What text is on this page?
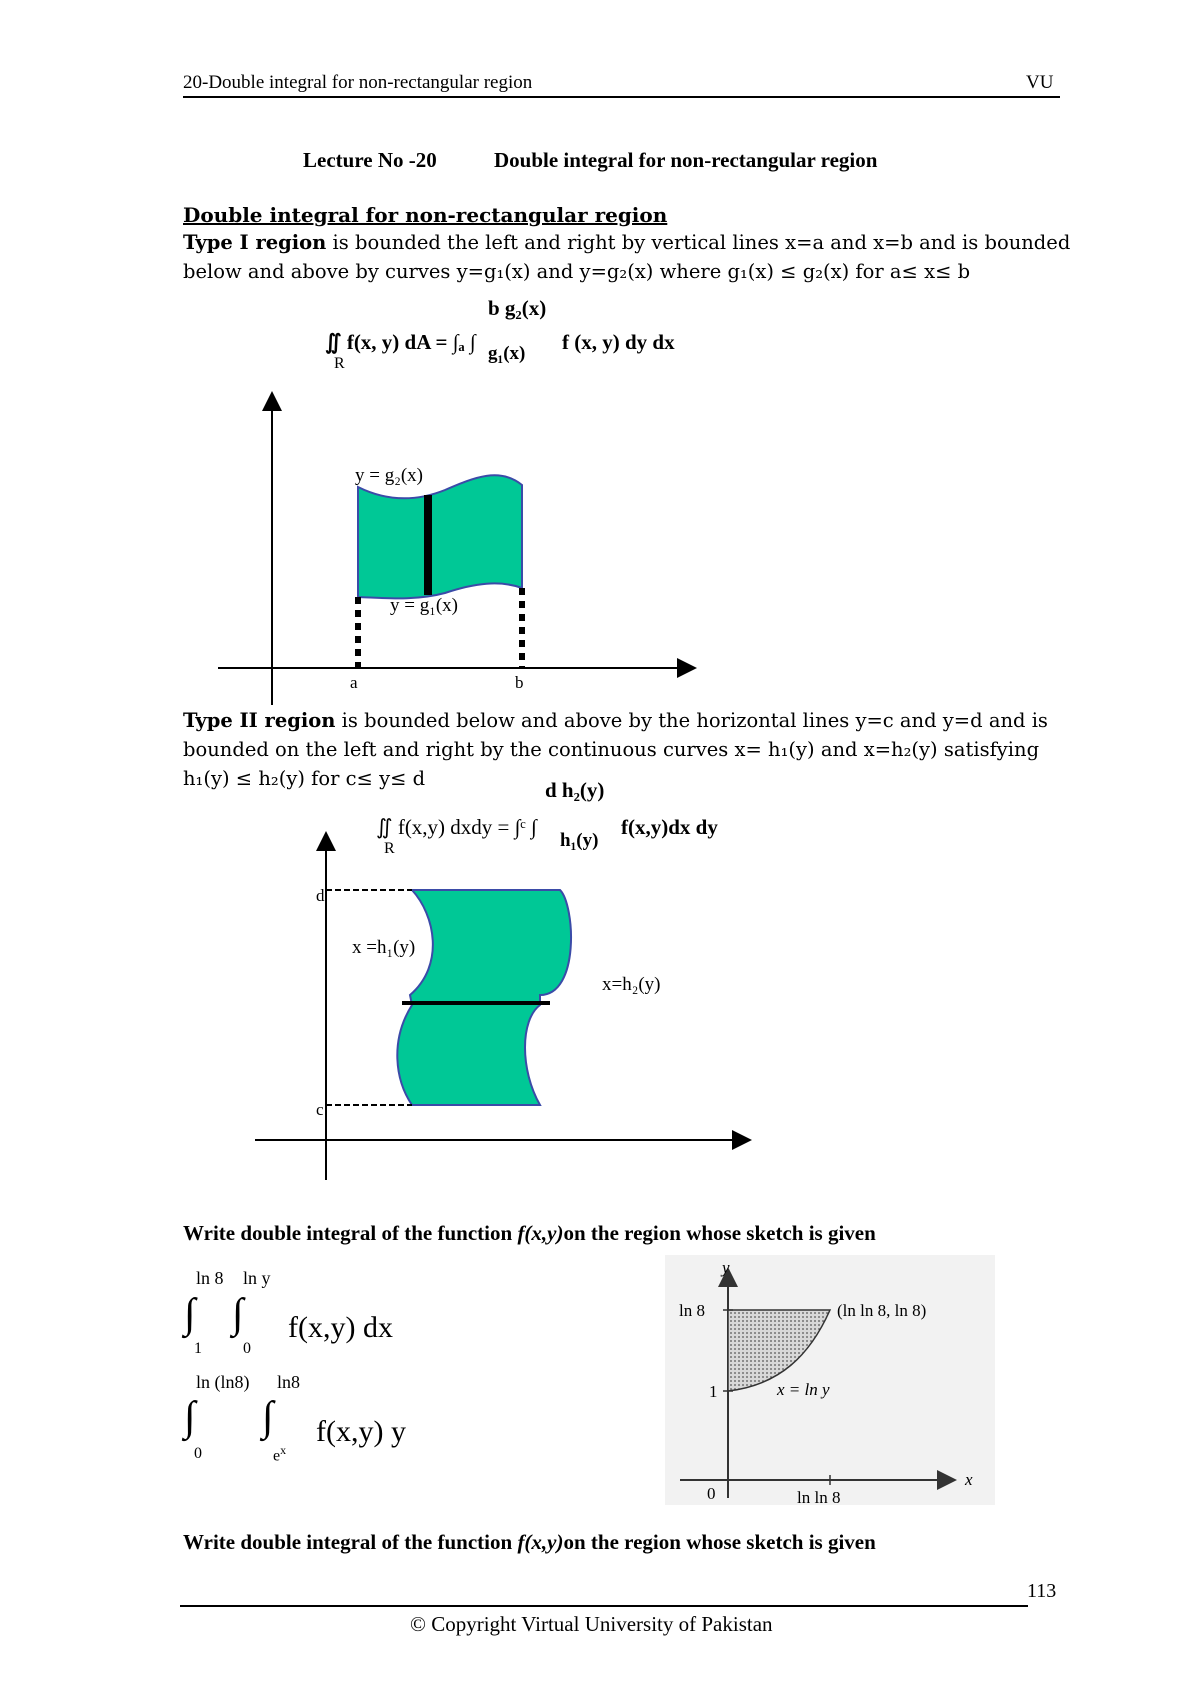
20-Double integral for non-rectangular region	VU
Lecture No -20	Double integral for non-rectangular region
Double integral for non-rectangular region
Type I region is bounded the left and right by vertical lines x=a and x=b and is bounded
below and above by curves y=g₁(x) and y=g₂(x) where g₁(x) ≤ g₂(x) for a≤ x≤ b
b g₂(x)
∬ f(x, y) dA = ∫ₐ ∫ g₁(x) f (x, y) dy dx
R
y = g₂(x)
y = g₁(x)
a	b
Type II region is bounded below and above by the horizontal lines y=c and y=d and is
bounded on the left and right by the continuous curves x= h₁(y) and x=h₂(y) satisfying
h₁(y) ≤ h₂(y) for c≤ y≤ d	d h₂(y)
∬ f(x,y) dxdy = ∫ᶜ ∫
h₁(y)
f(x,y)dx dy
R
d
c
x =h₁(y)
x=h₂(y)
Write double integral of the function f(x,y)on the region whose sketch is given
ln 8 ln y
∫ ∫
1	0
f(x,y) dx
ln (ln8) ln8
∫ ∫
0	$e^x$
f(x,y) y
y
x
ln 8
1
0
(ln ln 8, ln 8)
x = ln y
ln ln 8
Write double integral of the function f(x,y)on the region whose sketch is given
113
© Copyright Virtual University of Pakistan
